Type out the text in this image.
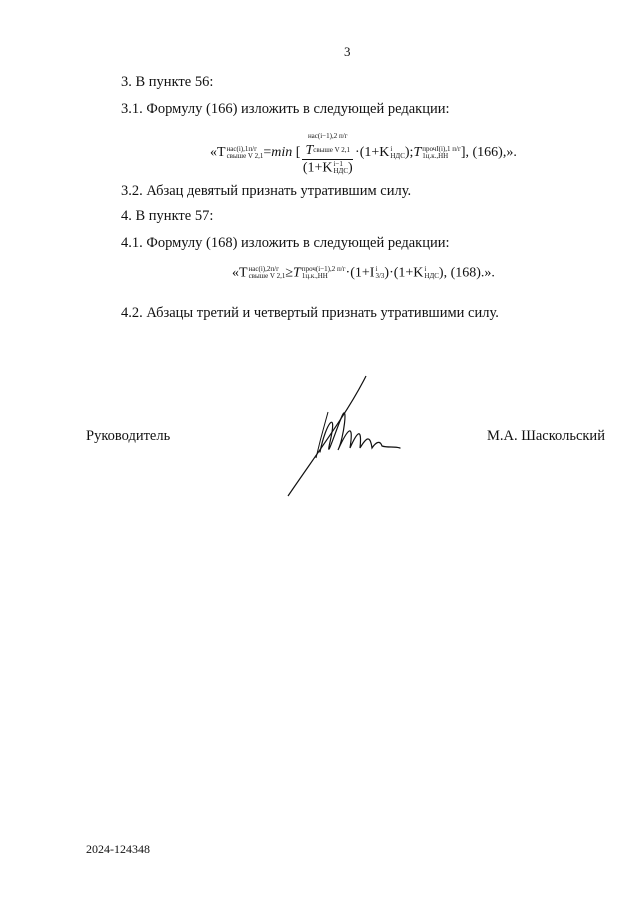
3
3. В пункте 56:
3.1. Формулу (166) изложить в следующей редакции:
«Tнас(i),1п/г
свыше V 2,1=min [
нас(i−1),2 п/г
Tсвыше V 2,1
(1+Ki−1
НДС)
·(1+Ki
НДС);TпрочI(i),1 п/г
1ц.к.,НН ], (166),».
3.2. Абзац девятый признать утратившим силу.
4. В пункте 57:
4.1. Формулу (168) изложить в следующей редакции:
«Tнас(i),2п/г
свыше V 2,1≥Tпроч(i−1),2 п/г
1ц.к.,НН ·(1+Ii
3/3)·(1+Ki
НДС), (168).».
4.2. Абзацы третий и четвертый признать утратившими силу.
Руководитель	М.А. Шаскольский
2024-124348
